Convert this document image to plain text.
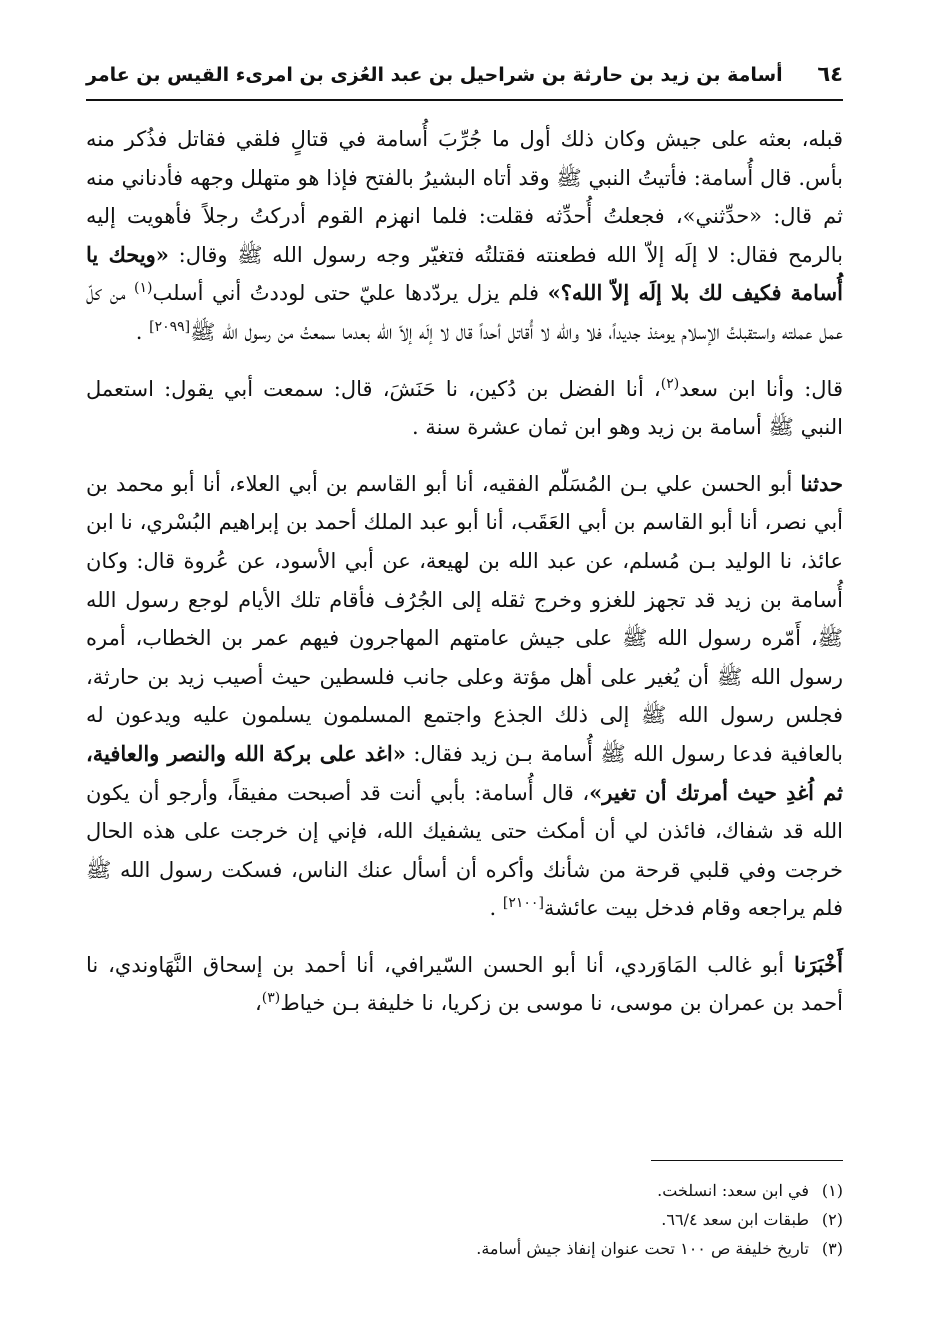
٦٤
أسامة بن زيد بن حارثة بن شراحيل بن عبد العُزى بن امرىء القيس بن عامر

قبله، بعثه على جيش وكان ذلك أول ما جُرِّبَ أُسامة في قتالٍ فلقي فقاتل فذُكر منه بأس. قال أُسامة: فأتيتُ النبي ﷺ وقد أتاه البشيرُ بالفتح فإذا هو متهلل وجهه فأدناني منه ثم قال: «حدِّثني»، فجعلتُ أُحدِّثه فقلت: فلما انهزم القوم أدركتُ رجلاً فأهويت إليه بالرمح فقال: لا إلَه إلاّ الله فطعنته فقتلتُه فتغيّر وجه رسول الله ﷺ وقال: «ويحك يا أُسامة فكيف لك بلا إلَه إلاّ الله؟» فلم يزل يردّدها عليّ حتى لوددتُ أني أسلب$^{(١)}$ من كلّ عمل عملته واستقبلتُ الإسلام يومئذ جديداً، فلا والله لا أُقاتل أحداً قال لا إلَه إلاّ الله بعدما سمعتُ من رسول الله ﷺ[٢٠٩٩] .

قال: وأنا ابن سعد$^{(٢)}$، أنا الفضل بن دُكين، نا حَنَشَ، قال: سمعت أبي يقول: استعمل النبي ﷺ أسامة بن زيد وهو ابن ثمان عشرة سنة .

حدثنا أبو الحسن علي بـن المُسَلّم الفقيه، أنا أبو القاسم بن أبي العلاء، أنا أبو محمد بن أبي نصر، أنا أبو القاسم بن أبي العَقَب، أنا أبو عبد الملك أحمد بن إبراهيم البُسْري، نا ابن عائذ، نا الوليد بـن مُسلم، عن عبد الله بن لهيعة، عن أبي الأسود، عن عُروة قال: وكان أُسامة بن زيد قد تجهز للغزو وخرج ثقله إلى الجُرُف فأقام تلك الأيام لوجع رسول الله ﷺ، أَمّره رسول الله ﷺ على جيش عامتهم المهاجرون فيهم عمر بن الخطاب، أمره رسول الله ﷺ أن يُغير على أهل مؤتة وعلى جانب فلسطين حيث أصيب زيد بن حارثة، فجلس رسول الله ﷺ إلى ذلك الجذع واجتمع المسلمون يسلمون عليه ويدعون له بالعافية فدعا رسول الله ﷺ أُسامة بـن زيد فقال: «اغد على بركة الله والنصر والعافية، ثم اُغدِ حيث أمرتك أن تغير»، قال أُسامة: بأبي أنت قد أصبحت مفيقاً، وأرجو أن يكون الله قد شفاك، فائذن لي أن أمكث حتى يشفيك الله، فإني إن خرجت على هذه الحال خرجت وفي قلبي قرحة من شأنك وأكره أن أسأل عنك الناس، فسكت رسول الله ﷺ فلم يراجعه وقام فدخل بيت عائشة[٢١٠٠] .

أَخْبَرَنا أبو غالب المَاوَردي، أنا أبو الحسن السّيرافي، أنا أحمد بن إسحاق النَّهَاوندي، نا أحمد بن عمران بن موسى، نا موسى بن زكريا، نا خليفة بـن خياط$^{(٣)}$،

(١)في ابن سعد: انسلخت.
(٢)طبقات ابن سعد ٦٦/٤.
(٣)تاريخ خليفة ص ١٠٠ تحت عنوان إنفاذ جيش أسامة.
